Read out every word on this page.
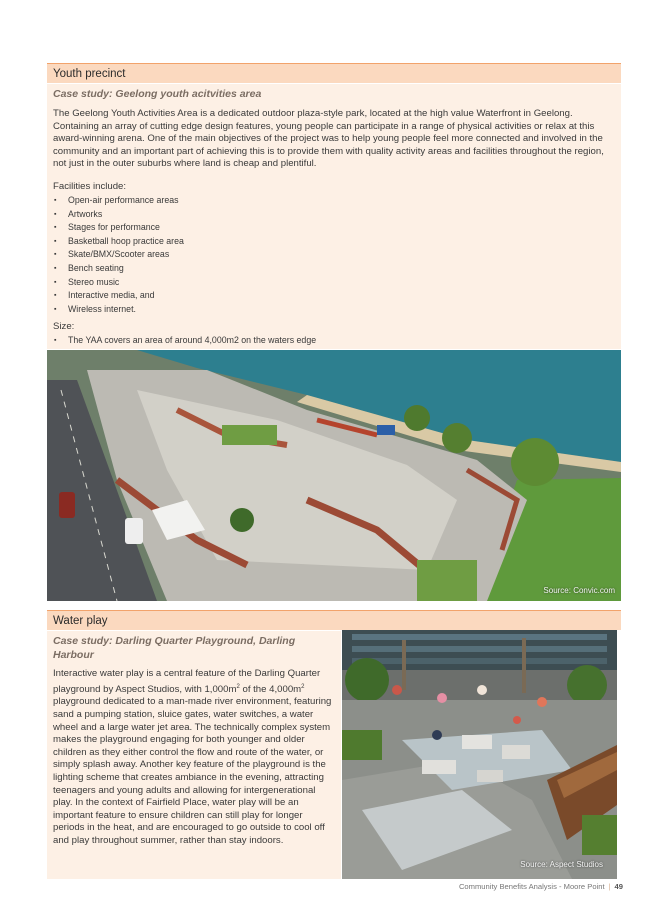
Youth precinct
Case study: Geelong youth acitvities area

The Geelong Youth Activities Area is a dedicated outdoor plaza-style park, located at the high value Waterfront in Geelong. Containing an array of cutting edge design features, young people can participate in a range of physical activities or relax at this award-winning arena. One of the main objectives of the project was to help young people feel more connected and involved in the community and an important part of achieving this is to provide them with quality activity areas and facilities throughout the region, not just in the outer suburbs where land is cheap and plentiful.

Facilities include:
▪ Open-air performance areas
▪ Artworks
▪ Stages for performance
▪ Basketball hoop practice area
▪ Skate/BMX/Scooter areas
▪ Bench seating
▪ Stereo music
▪ Interactive media, and
▪ Wireless internet.
Size:
▪ The YAA covers an area of around 4,000m2 on the waters edge
Source: Convic.com
Water play
Case study: Darling Quarter Playground, Darling Harbour

Interactive water play is a central feature of the Darling Quarter playground by Aspect Studios, with $1,000m^2$ of the $4,000m^2$ playground dedicated to a man-made river environment, featuring sand a pumping station, sluice gates, water switches, a water wheel and a large water jet area. The technically complex system makes the playground engaging for both younger and older children as they either control the flow and route of the water, or simply splash away. Another key feature of the playground is the lighting scheme that creates ambiance in the evening, attracting teenagers and young adults and allowing for intergenerational play. In the context of Fairfield Place, water play will be an important feature to ensure children can still play for longer periods in the heat, and are encouraged to go outside to cool off and play throughout summer, rather than stay indoors.

Source: Aspect Studios
Community Benefits Analysis - Moore Point | 49
